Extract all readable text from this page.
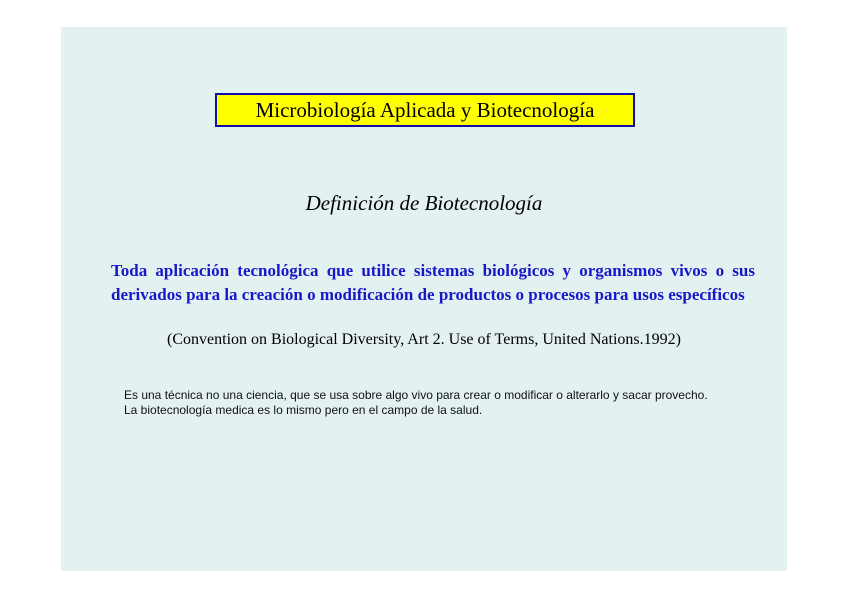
Microbiología Aplicada y Biotecnología
Definición de Biotecnología
Toda aplicación tecnológica que utilice sistemas biológicos y organismos vivos o sus derivados para la creación o modificación de productos o procesos para usos específicos
(Convention on Biological Diversity, Art 2. Use of Terms, United Nations.1992)

Es una técnica no una ciencia, que se usa sobre algo vivo para crear o modificar o alterarlo y sacar provecho.

La biotecnología medica es lo mismo pero en el campo de la salud.
